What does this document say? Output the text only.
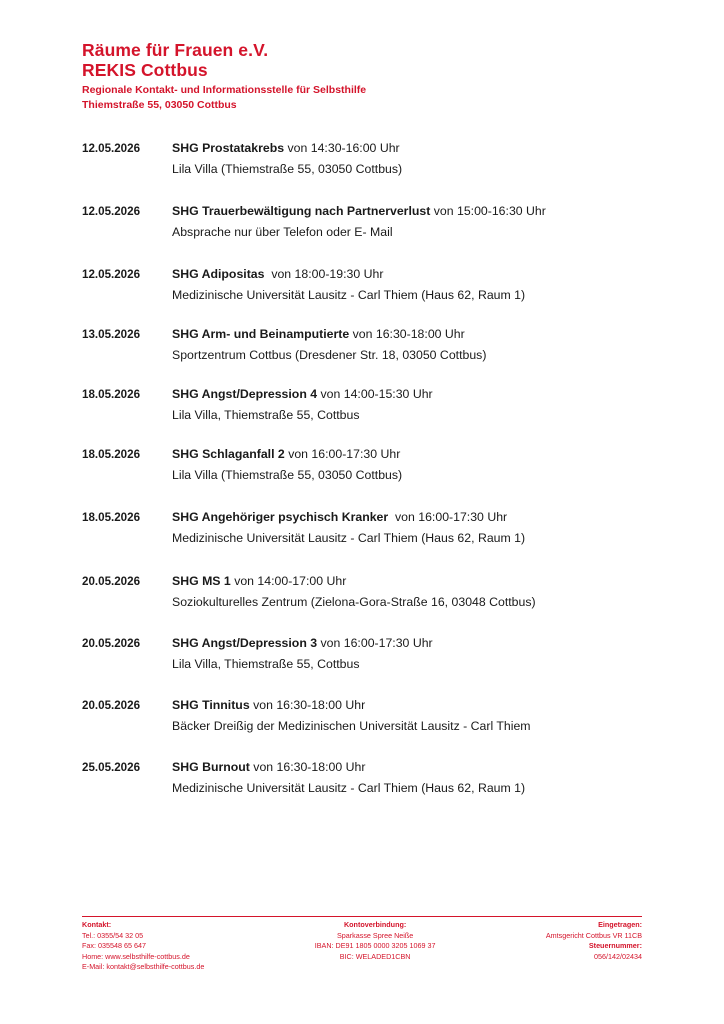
Räume für Frauen e.V.
REKIS Cottbus
Regionale Kontakt- und Informationsstelle für Selbsthilfe
Thiemstraße 55, 03050 Cottbus
12.05.2026	SHG Prostatakrebs von 14:30-16:00 Uhr
Lila Villa (Thiemstraße 55, 03050 Cottbus)
12.05.2026	SHG Trauerbewältigung nach Partnerverlust von 15:00-16:30 Uhr
Absprache nur über Telefon oder E- Mail
12.05.2026	SHG Adipositas von 18:00-19:30 Uhr
Medizinische Universität Lausitz - Carl Thiem (Haus 62, Raum 1)
13.05.2026	SHG Arm- und Beinamputierte von 16:30-18:00 Uhr
Sportzentrum Cottbus (Dresdener Str. 18, 03050 Cottbus)
18.05.2026	SHG Angst/Depression 4 von 14:00-15:30 Uhr
Lila Villa, Thiemstraße 55, Cottbus
18.05.2026	SHG Schlaganfall 2 von 16:00-17:30 Uhr
Lila Villa (Thiemstraße 55, 03050 Cottbus)
18.05.2026	SHG Angehöriger psychisch Kranker von 16:00-17:30 Uhr
Medizinische Universität Lausitz - Carl Thiem (Haus 62, Raum 1)
20.05.2026	SHG MS 1 von 14:00-17:00 Uhr
Soziokulturelles Zentrum (Zielona-Gora-Straße 16, 03048 Cottbus)
20.05.2026	SHG Angst/Depression 3 von 16:00-17:30 Uhr
Lila Villa, Thiemstraße 55, Cottbus
20.05.2026	SHG Tinnitus von 16:30-18:00 Uhr
Bäcker Dreißig der Medizinischen Universität Lausitz - Carl Thiem
25.05.2026	SHG Burnout von 16:30-18:00 Uhr
Medizinische Universität Lausitz - Carl Thiem (Haus 62, Raum 1)
Kontakt:
Tel.: 0355/54 32 05
Fax: 035548 65 647
Home: www.selbsthilfe-cottbus.de
E-Mail: kontakt@selbsthilfe-cottbus.de
Kontoverbindung:
Sparkasse Spree Neiße
IBAN: DE91 1805 0000 3205 1069 37
BIC: WELADED1CBN
Eingetragen:
Amtsgericht Cottbus VR 11CB
Steuernummer:
056/142/02434
